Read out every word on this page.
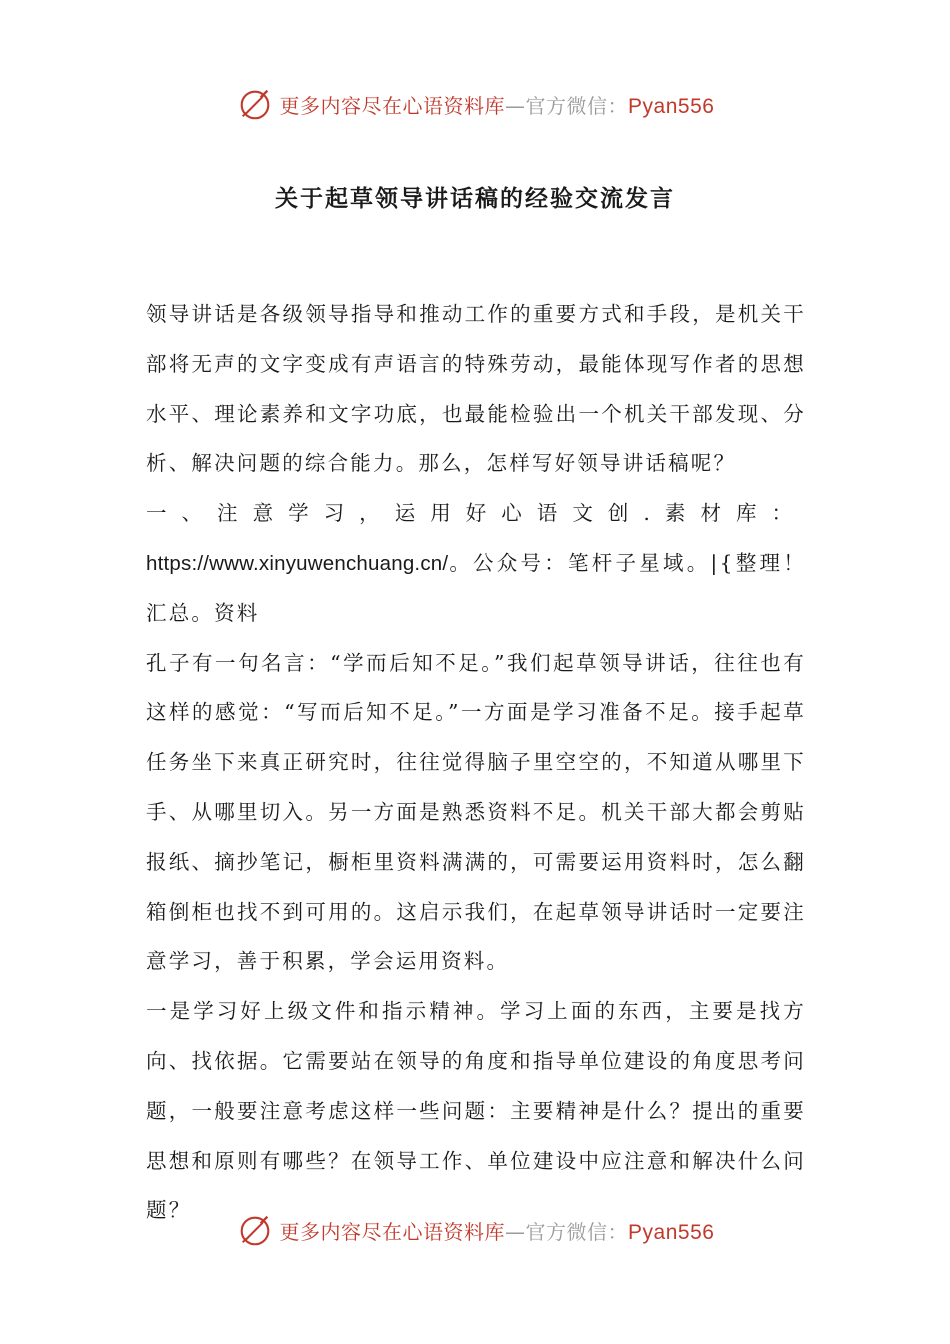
更多内容尽在心语资料库—官方微信：Pyan556
关于起草领导讲话稿的经验交流发言

领导讲话是各级领导指导和推动工作的重要方式和手段，是机关干部将无声的文字变成有声语言的特殊劳动，最能体现写作者的思想水平、理论素养和文字功底，也最能检验出一个机关干部发现、分析、解决问题的综合能力。那么，怎样写好领导讲话稿呢？

一、注意学习，运用好心语文创.素材库：https://www.xinyuwenchuang.cn/。公众号：笔杆子星域。|{整理！汇总。资料

孔子有一句名言：“学而后知不足。”我们起草领导讲话，往往也有这样的感觉：“写而后知不足。”一方面是学习准备不足。接手起草任务坐下来真正研究时，往往觉得脑子里空空的，不知道从哪里下手、从哪里切入。另一方面是熟悉资料不足。机关干部大都会剪贴报纸、摘抄笔记，橱柜里资料满满的，可需要运用资料时，怎么翻箱倒柜也找不到可用的。这启示我们，在起草领导讲话时一定要注意学习，善于积累，学会运用资料。

一是学习好上级文件和指示精神。学习上面的东西，主要是找方向、找依据。它需要站在领导的角度和指导单位建设的角度思考问题，一般要注意考虑这样一些问题：主要精神是什么？提出的重要思想和原则有哪些？在领导工作、单位建设中应注意和解决什么问题？

更多内容尽在心语资料库—官方微信：Pyan556
